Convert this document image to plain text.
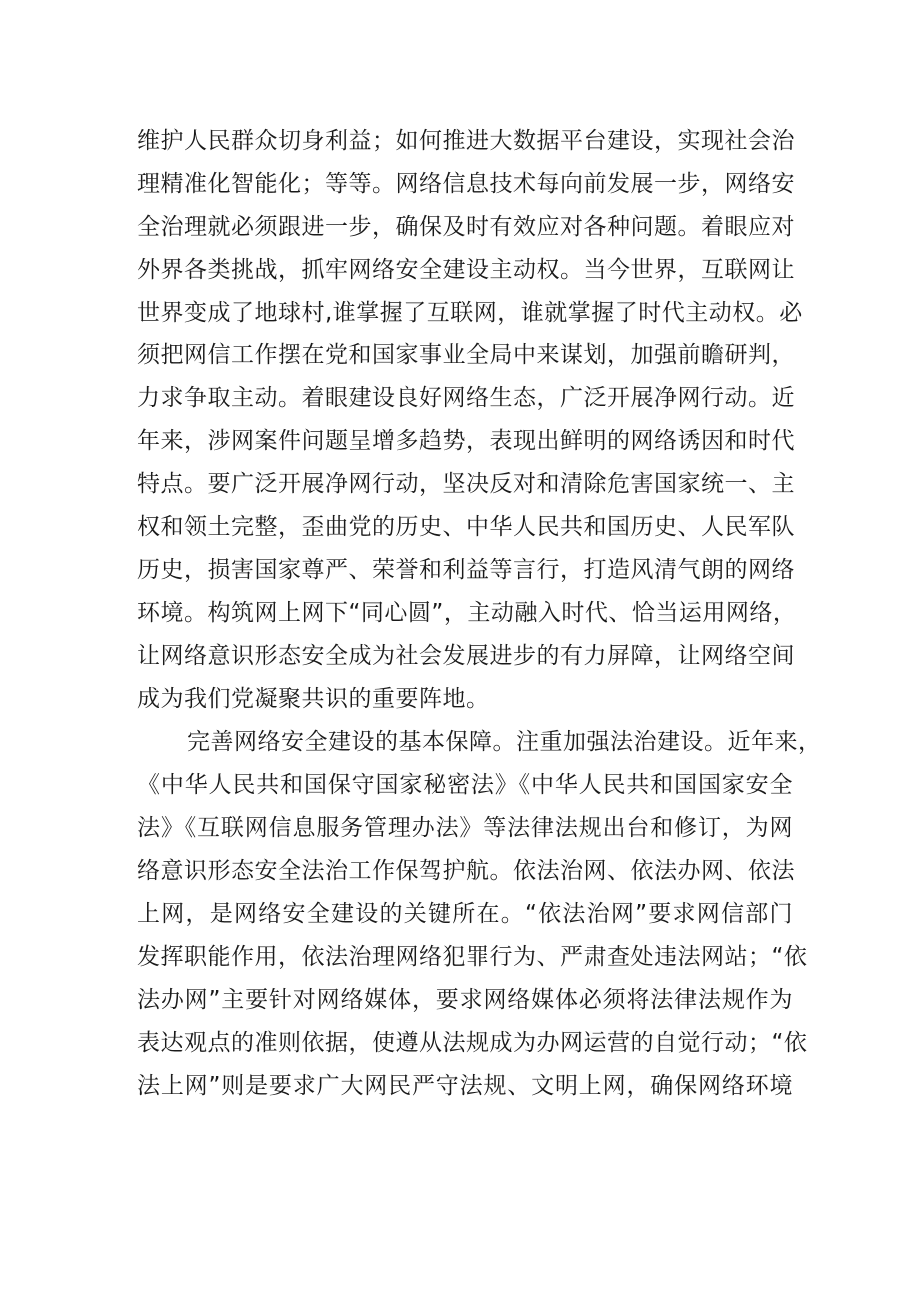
维护人民群众切身利益；如何推进大数据平台建设，实现社会治

理精准化智能化；等等。网络信息技术每向前发展一步，网络安

全治理就必须跟进一步，确保及时有效应对各种问题。着眼应对

外界各类挑战，抓牢网络安全建设主动权。当今世界，互联网让

世界变成了地球村,谁掌握了互联网，谁就掌握了时代主动权。必

须把网信工作摆在党和国家事业全局中来谋划，加强前瞻研判，

力求争取主动。着眼建设良好网络生态，广泛开展净网行动。近

年来，涉网案件问题呈增多趋势，表现出鲜明的网络诱因和时代

特点。要广泛开展净网行动，坚决反对和清除危害国家统一、主

权和领土完整，歪曲党的历史、中华人民共和国历史、人民军队

历史，损害国家尊严、荣誉和利益等言行，打造风清气朗的网络

环境。构筑网上网下“同心圆”，主动融入时代、恰当运用网络，

让网络意识形态安全成为社会发展进步的有力屏障，让网络空间

成为我们党凝聚共识的重要阵地。

完善网络安全建设的基本保障。注重加强法治建设。近年来，

《中华人民共和国保守国家秘密法》《中华人民共和国国家安全

法》《互联网信息服务管理办法》等法律法规出台和修订，为网

络意识形态安全法治工作保驾护航。依法治网、依法办网、依法

上网，是网络安全建设的关键所在。“依法治网”要求网信部门

发挥职能作用，依法治理网络犯罪行为、严肃查处违法网站；“依

法办网”主要针对网络媒体，要求网络媒体必须将法律法规作为

表达观点的准则依据，使遵从法规成为办网运营的自觉行动；“依

法上网”则是要求广大网民严守法规、文明上网，确保网络环境
